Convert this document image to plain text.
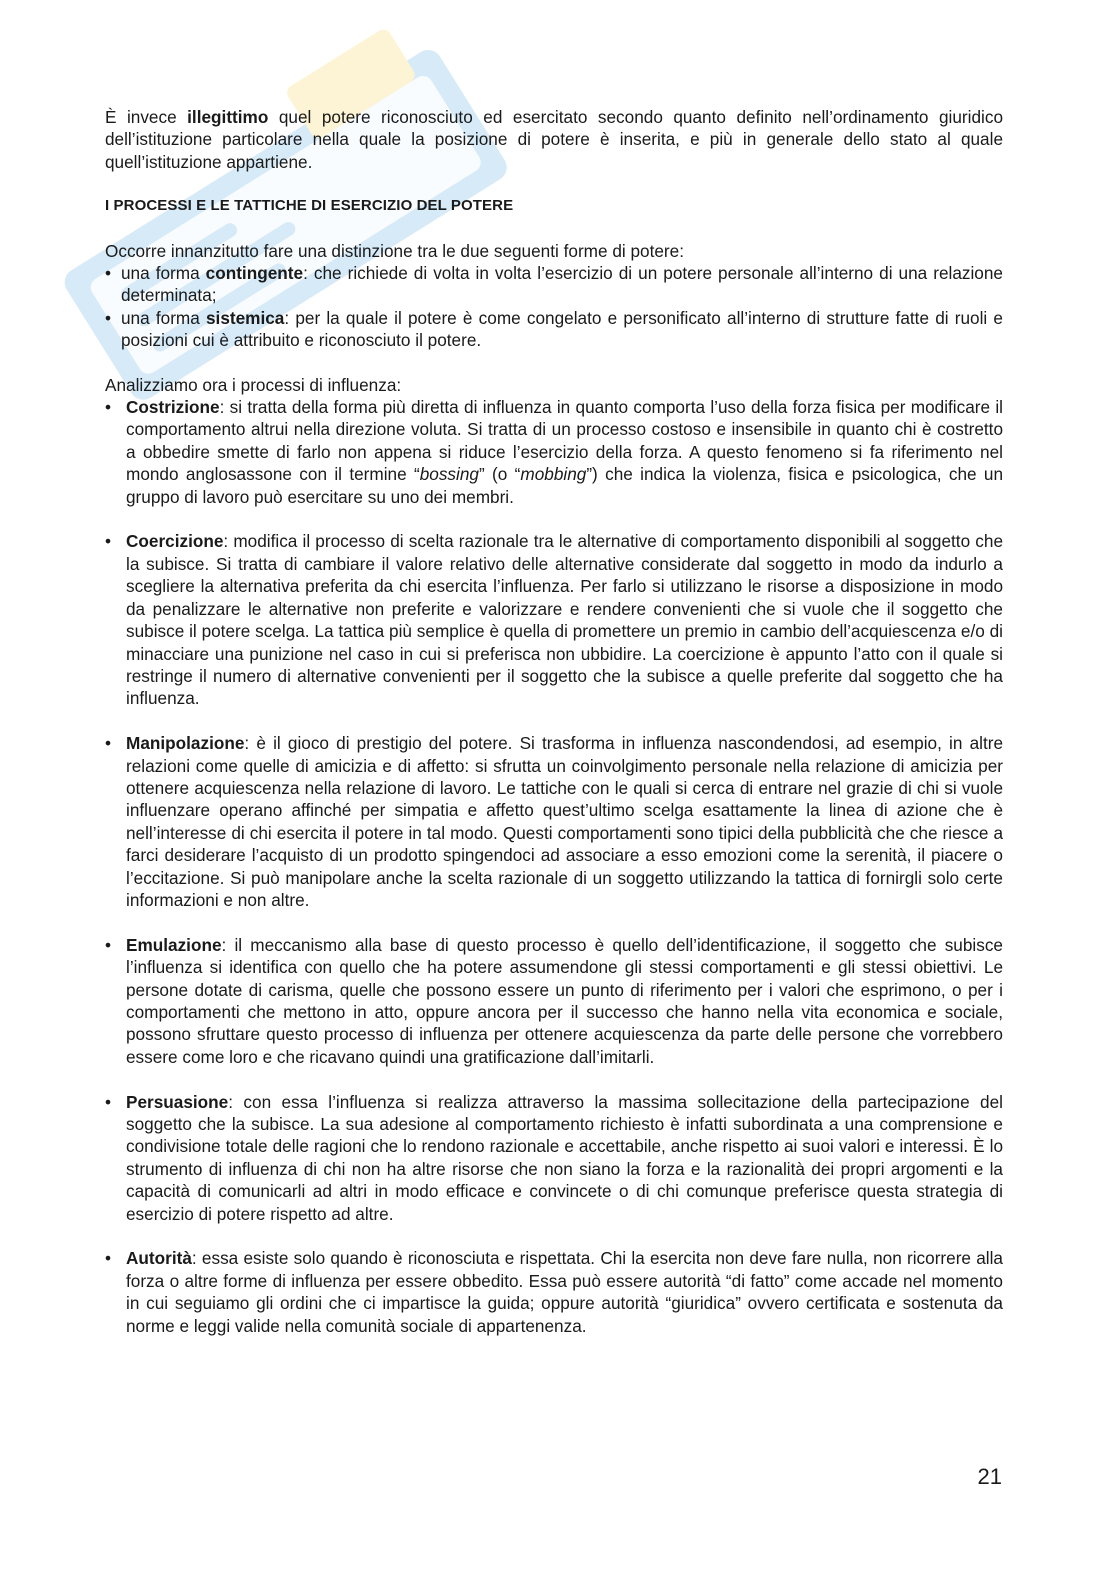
È invece illegittimo quel potere riconosciuto ed esercitato secondo quanto definito nell’ordinamento giuridico dell’istituzione particolare nella quale la posizione di potere è inserita, e più in generale dello stato al quale quell’istituzione appartiene.

I PROCESSI E LE TATTICHE DI ESERCIZIO DEL POTERE

Occorre innanzitutto fare una distinzione tra le due seguenti forme di potere:

• una forma contingente: che richiede di volta in volta l’esercizio di un potere personale all’interno di una relazione determinata;
• una forma sistemica: per la quale il potere è come congelato e personificato all’interno di strutture fatte di ruoli e posizioni cui è attribuito e riconosciuto il potere.

Analizziamo ora i processi di influenza:

• Costrizione: si tratta della forma più diretta di influenza in quanto comporta l’uso della forza fisica per modificare il comportamento altrui nella direzione voluta. Si tratta di un processo costoso e insensibile in quanto chi è costretto a obbedire smette di farlo non appena si riduce l’esercizio della forza. A questo fenomeno si fa riferimento nel mondo anglosassone con il termine “bossing” (o “mobbing”) che indica la violenza, fisica e psicologica, che un gruppo di lavoro può esercitare su uno dei membri.
• Coercizione: modifica il processo di scelta razionale tra le alternative di comportamento disponibili al soggetto che la subisce. Si tratta di cambiare il valore relativo delle alternative considerate dal soggetto in modo da indurlo a scegliere la alternativa preferita da chi esercita l’influenza. Per farlo si utilizzano le risorse a disposizione in modo da penalizzare le alternative non preferite e valorizzare e rendere convenienti che si vuole che il soggetto che subisce il potere scelga. La tattica più semplice è quella di promettere un premio in cambio dell’acquiescenza e/o di minacciare una punizione nel caso in cui si preferisca non ubbidire. La coercizione è appunto l’atto con il quale si restringe il numero di alternative convenienti per il soggetto che la subisce a quelle preferite dal soggetto che ha influenza.
• Manipolazione: è il gioco di prestigio del potere. Si trasforma in influenza nascondendosi, ad esempio, in altre relazioni come quelle di amicizia e di affetto: si sfrutta un coinvolgimento personale nella relazione di amicizia per ottenere acquiescenza nella relazione di lavoro. Le tattiche con le quali si cerca di entrare nel grazie di chi si vuole influenzare operano affinché per simpatia e affetto quest’ultimo scelga esattamente la linea di azione che è nell’interesse di chi esercita il potere in tal modo. Questi comportamenti sono tipici della pubblicità che che riesce a farci desiderare l’acquisto di un prodotto spingendoci ad associare a esso emozioni come la serenità, il piacere o l’eccitazione. Si può manipolare anche la scelta razionale di un soggetto utilizzando la tattica di fornirgli solo certe informazioni e non altre.
• Emulazione: il meccanismo alla base di questo processo è quello dell’identificazione, il soggetto che subisce l’influenza si identifica con quello che ha potere assumendone gli stessi comportamenti e gli stessi obiettivi. Le persone dotate di carisma, quelle che possono essere un punto di riferimento per i valori che esprimono, o per i comportamenti che mettono in atto, oppure ancora per il successo che hanno nella vita economica e sociale, possono sfruttare questo processo di influenza per ottenere acquiescenza da parte delle persone che vorrebbero essere come loro e che ricavano quindi una gratificazione dall’imitarli.
• Persuasione: con essa l’influenza si realizza attraverso la massima sollecitazione della partecipazione del soggetto che la subisce. La sua adesione al comportamento richiesto è infatti subordinata a una comprensione e condivisione totale delle ragioni che lo rendono razionale e accettabile, anche rispetto ai suoi valori e interessi. È lo strumento di influenza di chi non ha altre risorse che non siano la forza e la razionalità dei propri argomenti e la capacità di comunicarli ad altri in modo efficace e convincete o di chi comunque preferisce questa strategia di esercizio di potere rispetto ad altre.
• Autorità: essa esiste solo quando è riconosciuta e rispettata. Chi la esercita non deve fare nulla, non ricorrere alla forza o altre forme di influenza per essere obbedito. Essa può essere autorità “di fatto” come accade nel momento in cui seguiamo gli ordini che ci impartisce la guida; oppure autorità “giuridica” ovvero certificata e sostenuta da norme e leggi valide nella comunità sociale di appartenenza.
21
